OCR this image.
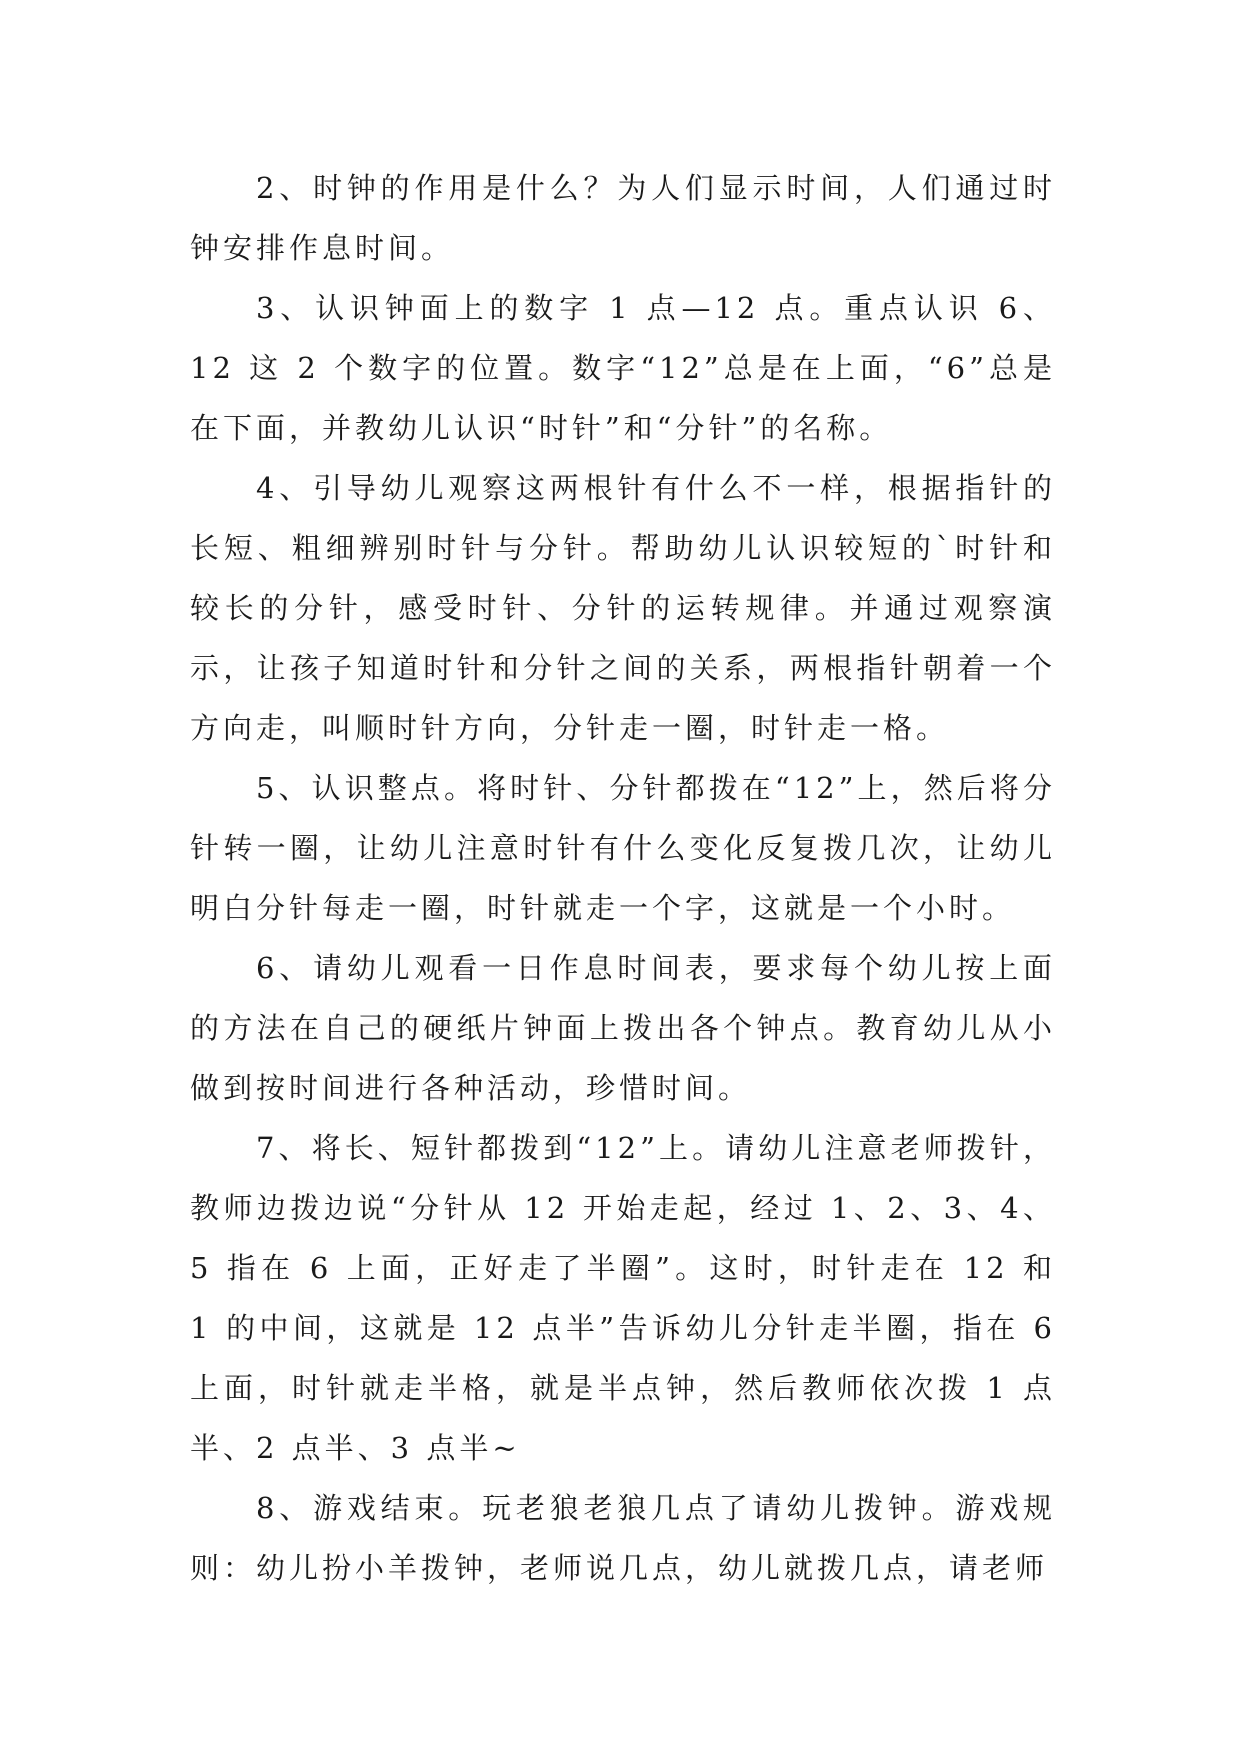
2、时钟的作用是什么？为人们显示时间，人们通过时钟安排作息时间。

3、认识钟面上的数字 1 点—12 点。重点认识 6、12 这 2 个数字的位置。数字“12”总是在上面，“6”总是在下面，并教幼儿认识“时针”和“分针”的名称。

4、引导幼儿观察这两根针有什么不一样，根据指针的长短、粗细辨别时针与分针。帮助幼儿认识较短的`时针和较长的分针，感受时针、分针的运转规律。并通过观察演示，让孩子知道时针和分针之间的关系，两根指针朝着一个方向走，叫顺时针方向，分针走一圈，时针走一格。

5、认识整点。将时针、分针都拨在“12”上，然后将分针转一圈，让幼儿注意时针有什么变化反复拨几次，让幼儿明白分针每走一圈，时针就走一个字，这就是一个小时。

6、请幼儿观看一日作息时间表，要求每个幼儿按上面的方法在自己的硬纸片钟面上拨出各个钟点。教育幼儿从小做到按时间进行各种活动，珍惜时间。

7、将长、短针都拨到“12”上。请幼儿注意老师拨针，教师边拨边说“分针从 12 开始走起，经过 1、2、3、4、5 指在 6 上面，正好走了半圈”。这时，时针走在 12 和 1 的中间，这就是 12 点半”告诉幼儿分针走半圈，指在 6 上面，时针就走半格，就是半点钟，然后教师依次拨 1 点半、2 点半、3 点半~

8、游戏结束。玩老狼老狼几点了请幼儿拨钟。游戏规则：幼儿扮小羊拨钟，老师说几点，幼儿就拨几点，请老师
